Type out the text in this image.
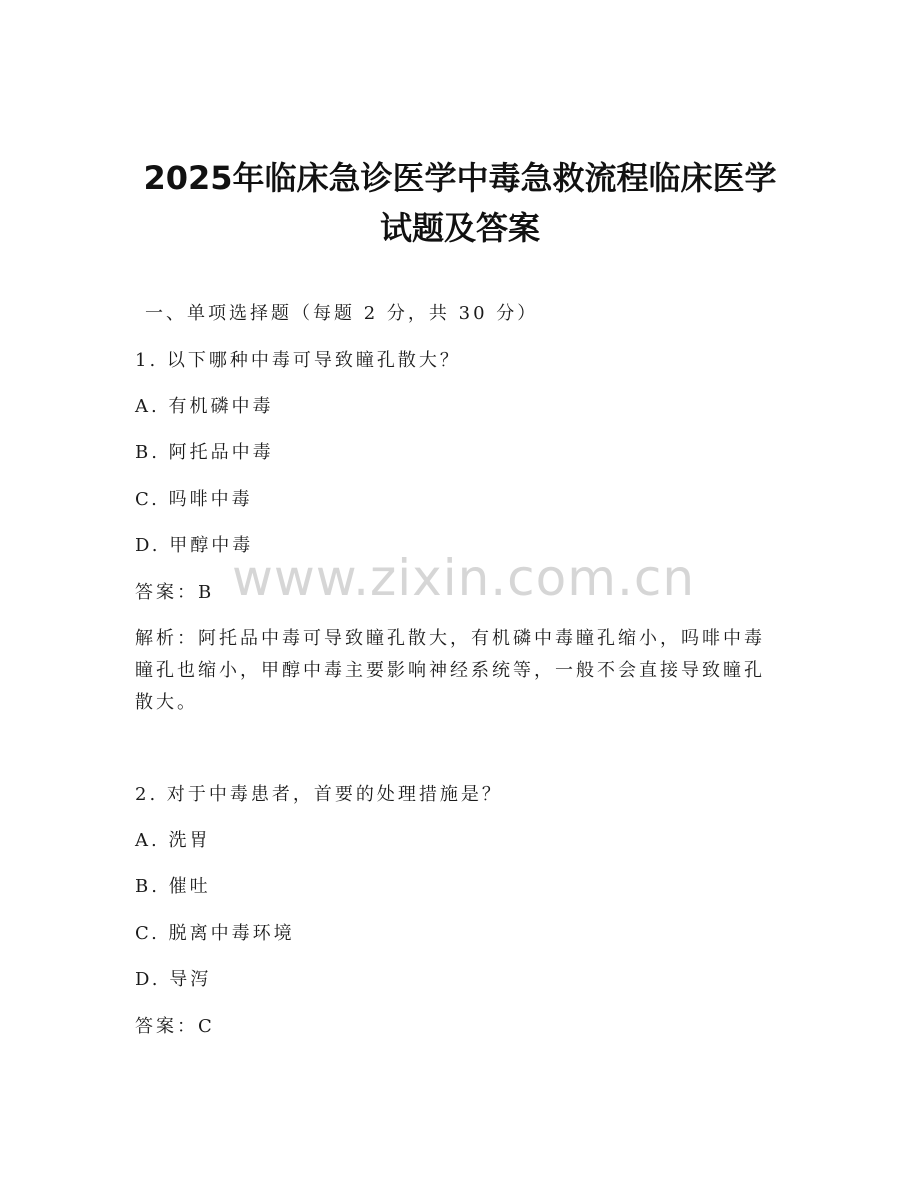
2025年临床急诊医学中毒急救流程临床医学
试题及答案
一、单项选择题（每题 2 分，共 30 分）
1. 以下哪种中毒可导致瞳孔散大？
A. 有机磷中毒
B. 阿托品中毒
C. 吗啡中毒
D. 甲醇中毒
答案：B
解析：阿托品中毒可导致瞳孔散大，有机磷中毒瞳孔缩小，吗啡中毒瞳孔也缩小，甲醇中毒主要影响神经系统等，一般不会直接导致瞳孔散大。
2. 对于中毒患者，首要的处理措施是？
A. 洗胃
B. 催吐
C. 脱离中毒环境
D. 导泻
答案：C
www.zixin.com.cn
